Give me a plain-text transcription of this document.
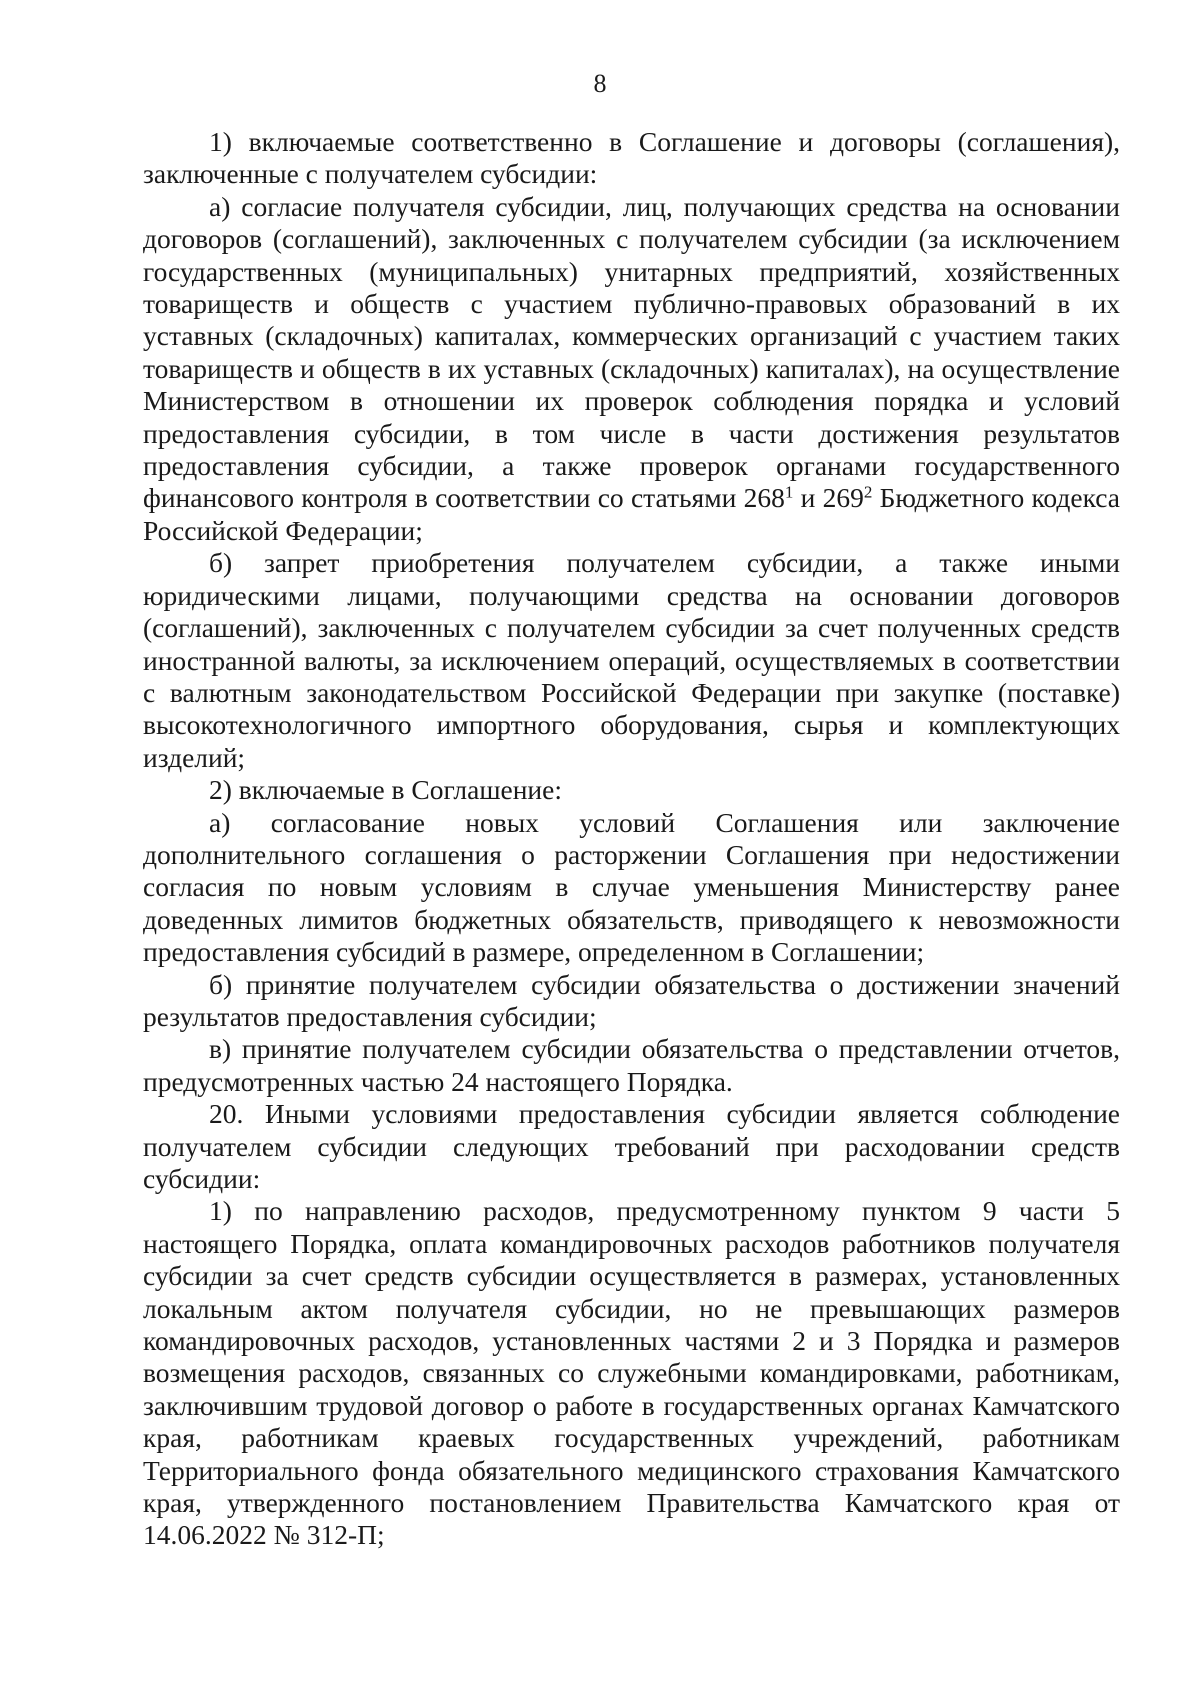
8

1) включаемые соответственно в Соглашение и договоры (соглашения), заключенные с получателем субсидии:

а) согласие получателя субсидии, лиц, получающих средства на основании договоров (соглашений), заключенных с получателем субсидии (за исключением государственных (муниципальных) унитарных предприятий, хозяйственных товариществ и обществ с участием публично-правовых образований в их уставных (складочных) капиталах, коммерческих организаций с участием таких товариществ и обществ в их уставных (складочных) капиталах), на осуществление Министерством в отношении их проверок соблюдения порядка и условий предоставления субсидии, в том числе в части достижения результатов предоставления субсидии, а также проверок органами государственного финансового контроля в соответствии со статьями $268^1$ и $269^2$ Бюджетного кодекса Российской Федерации;

б) запрет приобретения получателем субсидии, а также иными юридическими лицами, получающими средства на основании договоров (соглашений), заключенных с получателем субсидии за счет полученных средств иностранной валюты, за исключением операций, осуществляемых в соответствии с валютным законодательством Российской Федерации при закупке (поставке) высокотехнологичного импортного оборудования, сырья и комплектующих изделий;

2) включаемые в Соглашение:

а) согласование новых условий Соглашения или заключение дополнительного соглашения о расторжении Соглашения при недостижении согласия по новым условиям в случае уменьшения Министерству ранее доведенных лимитов бюджетных обязательств, приводящего к невозможности предоставления субсидий в размере, определенном в Соглашении;

б) принятие получателем субсидии обязательства о достижении значений результатов предоставления субсидии;

в) принятие получателем субсидии обязательства о представлении отчетов, предусмотренных частью 24 настоящего Порядка.

20. Иными условиями предоставления субсидии является соблюдение получателем субсидии следующих требований при расходовании средств субсидии:

1) по направлению расходов, предусмотренному пунктом 9 части 5 настоящего Порядка, оплата командировочных расходов работников получателя субсидии за счет средств субсидии осуществляется в размерах, установленных локальным актом получателя субсидии, но не превышающих размеров командировочных расходов, установленных частями 2 и 3 Порядка и размеров возмещения расходов, связанных со служебными командировками, работникам, заключившим трудовой договор о работе в государственных органах Камчатского края, работникам краевых государственных учреждений, работникам Территориального фонда обязательного медицинского страхования Камчатского края, утвержденного постановлением Правительства Камчатского края от 14.06.2022 № 312-П;
